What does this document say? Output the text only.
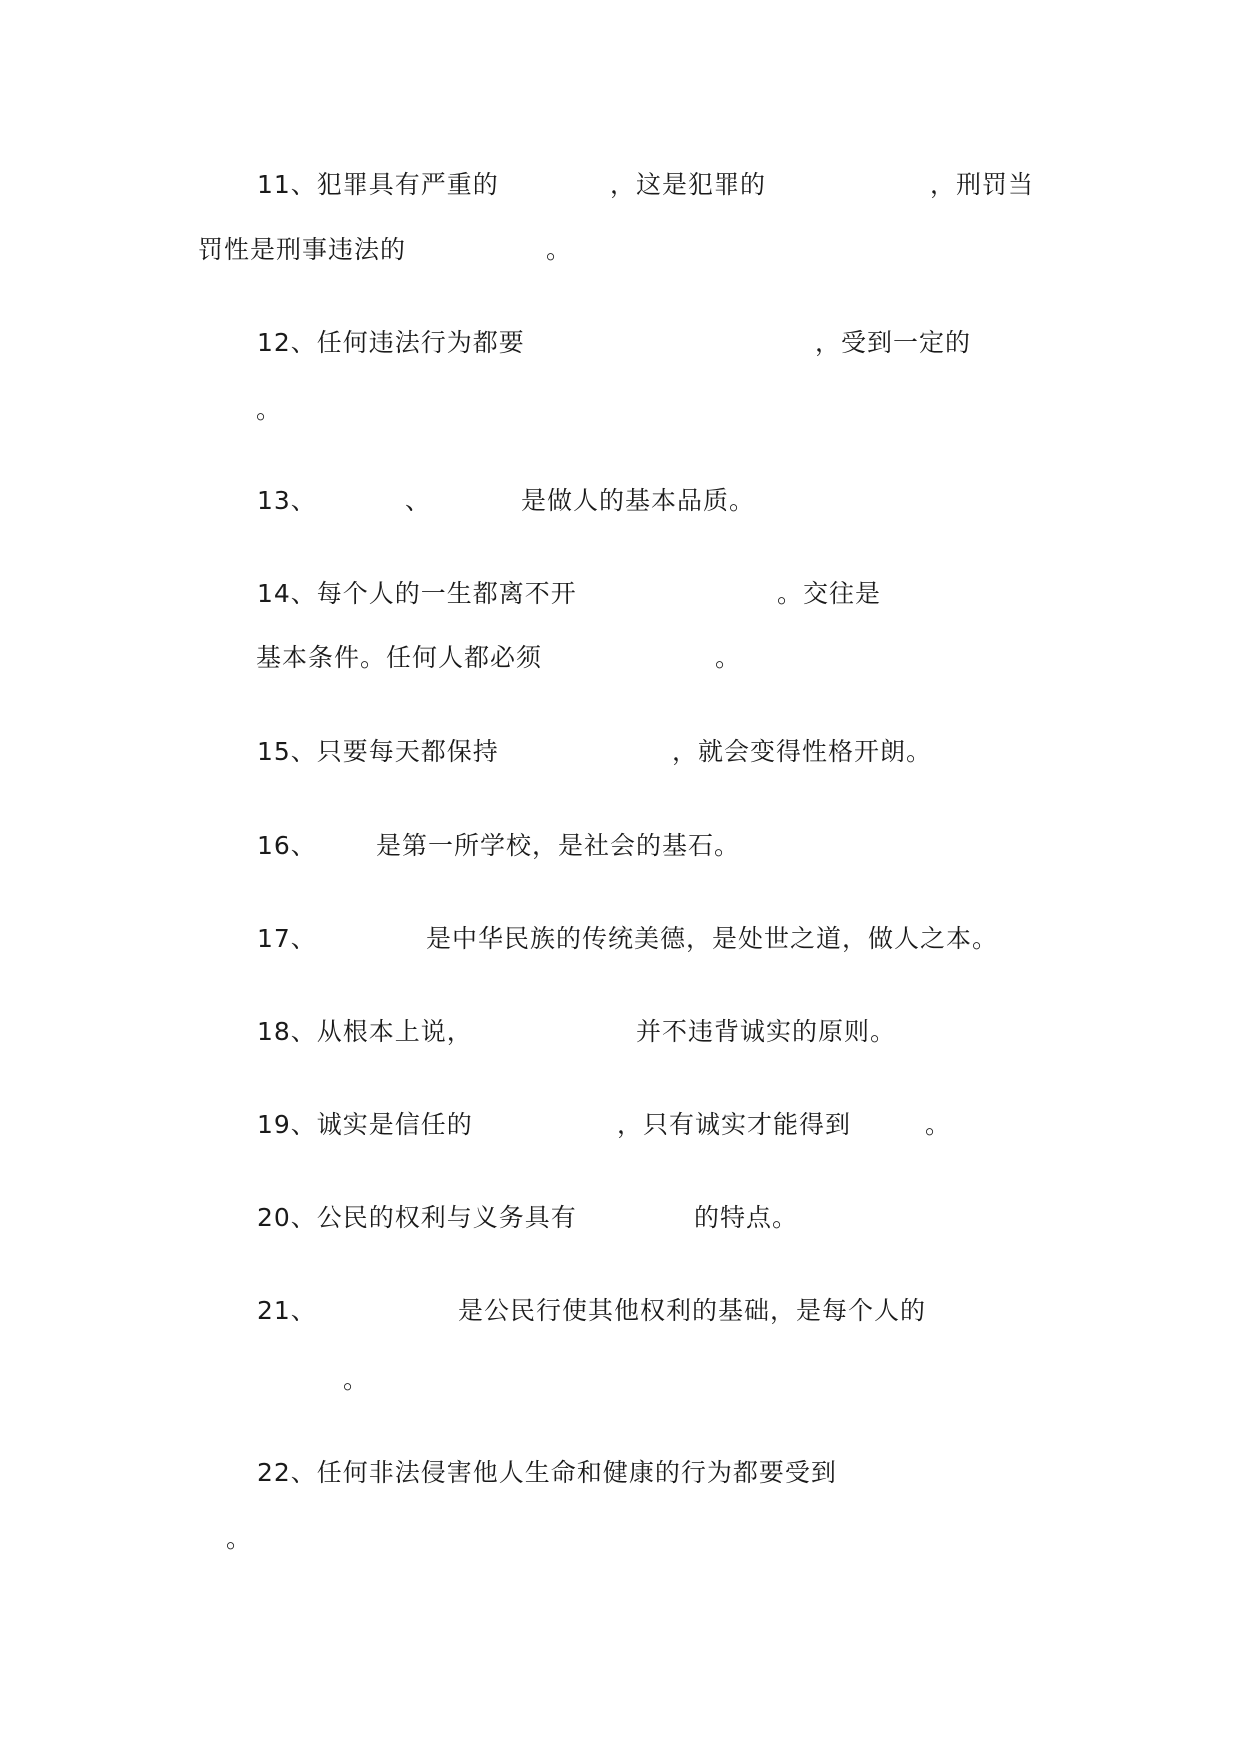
11、犯罪具有严重的	，这是犯罪的	，刑罚当
罚性是刑事违法的	。
12、任何违法行为都要	，受到一定的
。
13、	、	是做人的基本品质。
14、每个人的一生都离不开	。交往是
基本条件。任何人都必须	。
15、只要每天都保持	，就会变得性格开朗。
16、 是第一所学校，是社会的基石。
17、	是中华民族的传统美德，是处世之道，做人之本。
18、从根本上说，	并不违背诚实的原则。
19、诚实是信任的	，只有诚实才能得到	。
20、公民的权利与义务具有	的特点。
21、	是公民行使其他权利的基础，是每个人的
。
22、任何非法侵害他人生命和健康的行为都要受到
。
